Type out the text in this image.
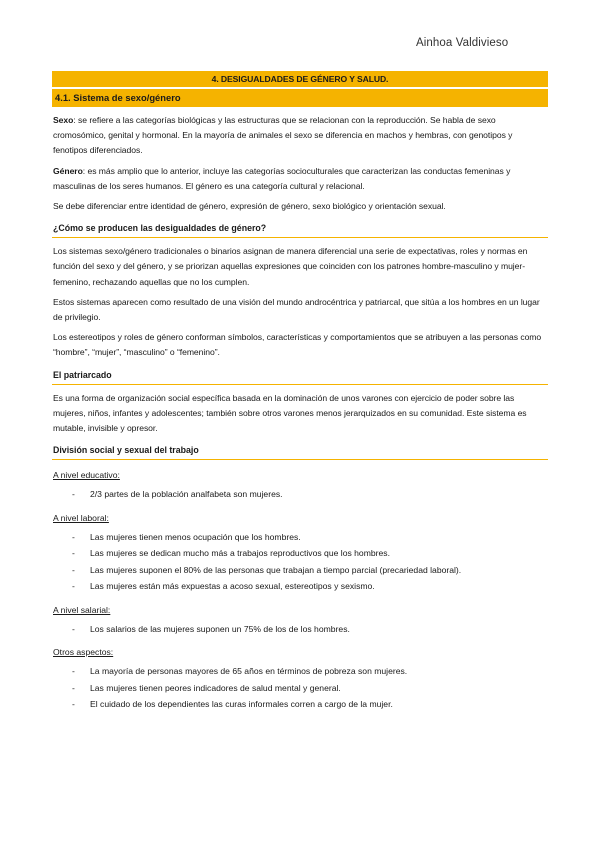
Ainhoa Valdivieso
4. DESIGUALDADES DE GÉNERO Y SALUD.
4.1. Sistema de sexo/género

Sexo: se refiere a las categorías biológicas y las estructuras que se relacionan con la reproducción. Se habla de sexo cromosómico, genital y hormonal. En la mayoría de animales el sexo se diferencia en machos y hembras, con genotipos y fenotipos diferenciados.

Género: es más amplio que lo anterior, incluye las categorías socioculturales que caracterizan las conductas femeninas y masculinas de los seres humanos. El género es una categoría cultural y relacional.

Se debe diferenciar entre identidad de género, expresión de género, sexo biológico y orientación sexual.

¿Cómo se producen las desigualdades de género?

Los sistemas sexo/género tradicionales o binarios asignan de manera diferencial una serie de expectativas, roles y normas en función del sexo y del género, y se priorizan aquellas expresiones que coinciden con los patrones hombre-masculino y mujer-femenino, rechazando aquellas que no los cumplen.

Estos sistemas aparecen como resultado de una visión del mundo androcéntrica y patriarcal, que sitúa a los hombres en un lugar de privilegio.

Los estereotipos y roles de género conforman símbolos, características y comportamientos que se atribuyen a las personas como “hombre”, “mujer”, “masculino” o “femenino”.

El patriarcado

Es una forma de organización social específica basada en la dominación de unos varones con ejercicio de poder sobre las mujeres, niños, infantes y adolescentes; también sobre otros varones menos jerarquizados en su comunidad. Este sistema es mutable, invisible y opresor.

División social y sexual del trabajo
A nivel educativo:
- 2/3 partes de la población analfabeta son mujeres.
A nivel laboral:
- Las mujeres tienen menos ocupación que los hombres.
- Las mujeres se dedican mucho más a trabajos reproductivos que los hombres.
- Las mujeres suponen el 80% de las personas que trabajan a tiempo parcial (precariedad laboral).
- Las mujeres están más expuestas a acoso sexual, estereotipos y sexismo.
A nivel salarial:
- Los salarios de las mujeres suponen un 75% de los de los hombres.
Otros aspectos:
- La mayoría de personas mayores de 65 años en términos de pobreza son mujeres.
- Las mujeres tienen peores indicadores de salud mental y general.
- El cuidado de los dependientes las curas informales corren a cargo de la mujer.
